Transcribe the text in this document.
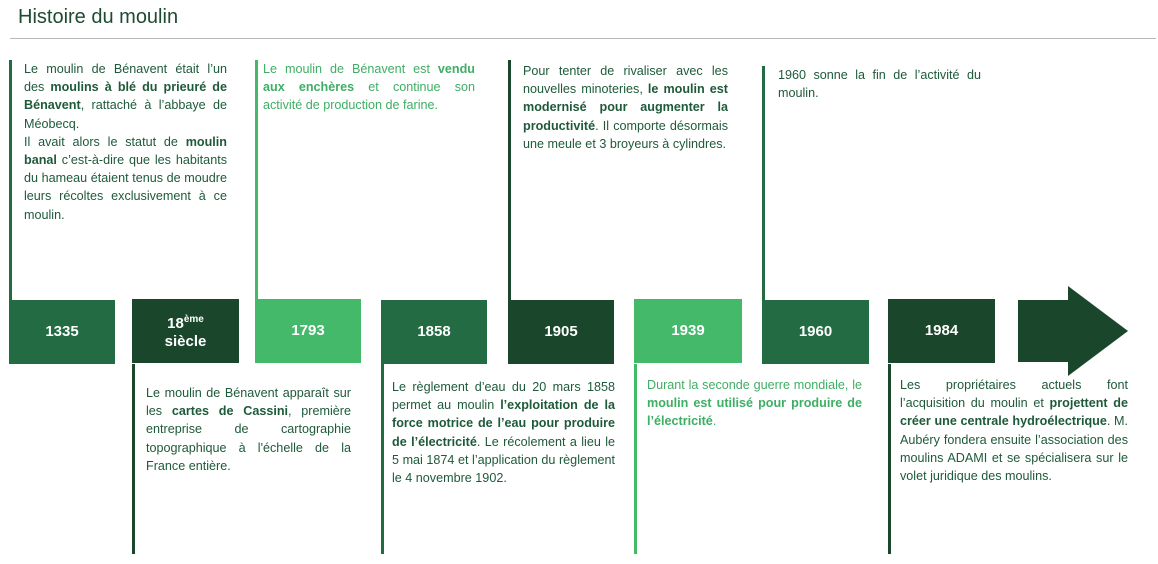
Histoire du moulin
1335	18ème
siècle
1793	1858	1905	1939	1960	1984
Le moulin de Bénavent était l’un des moulins à blé du prieuré de Bénavent, rattaché à l’abbaye de Méobecq.
Il avait alors le statut de moulin banal c’est-à-dire que les habitants du hameau étaient tenus de moudre leurs récoltes exclusivement à ce moulin.
Le moulin de Bénavent apparaît sur les cartes de Cassini, première entreprise de cartographie topographique à l'échelle de la France entière.
Le moulin de Bénavent est vendu aux enchères et continue son activité de production de farine.
Le règlement d’eau du 20 mars 1858 permet au moulin l’exploitation de la force motrice de l’eau pour produire de l’électricité. Le récolement a lieu le 5 mai 1874 et l’application du règlement le 4 novembre 1902.
Pour tenter de rivaliser avec les nouvelles minoteries, le moulin est modernisé pour augmenter la productivité. Il comporte désormais une meule et 3 broyeurs à cylindres.
Durant la seconde guerre mondiale, le moulin est utilisé pour produire de l’électricité.
1960 sonne la fin de l’activité du moulin.
Les propriétaires actuels font l’acquisition du moulin et projettent de créer une centrale hydroélectrique. M. Aubéry fondera ensuite l’association des moulins ADAMI et se spécialisera sur le volet juridique des moulins.
